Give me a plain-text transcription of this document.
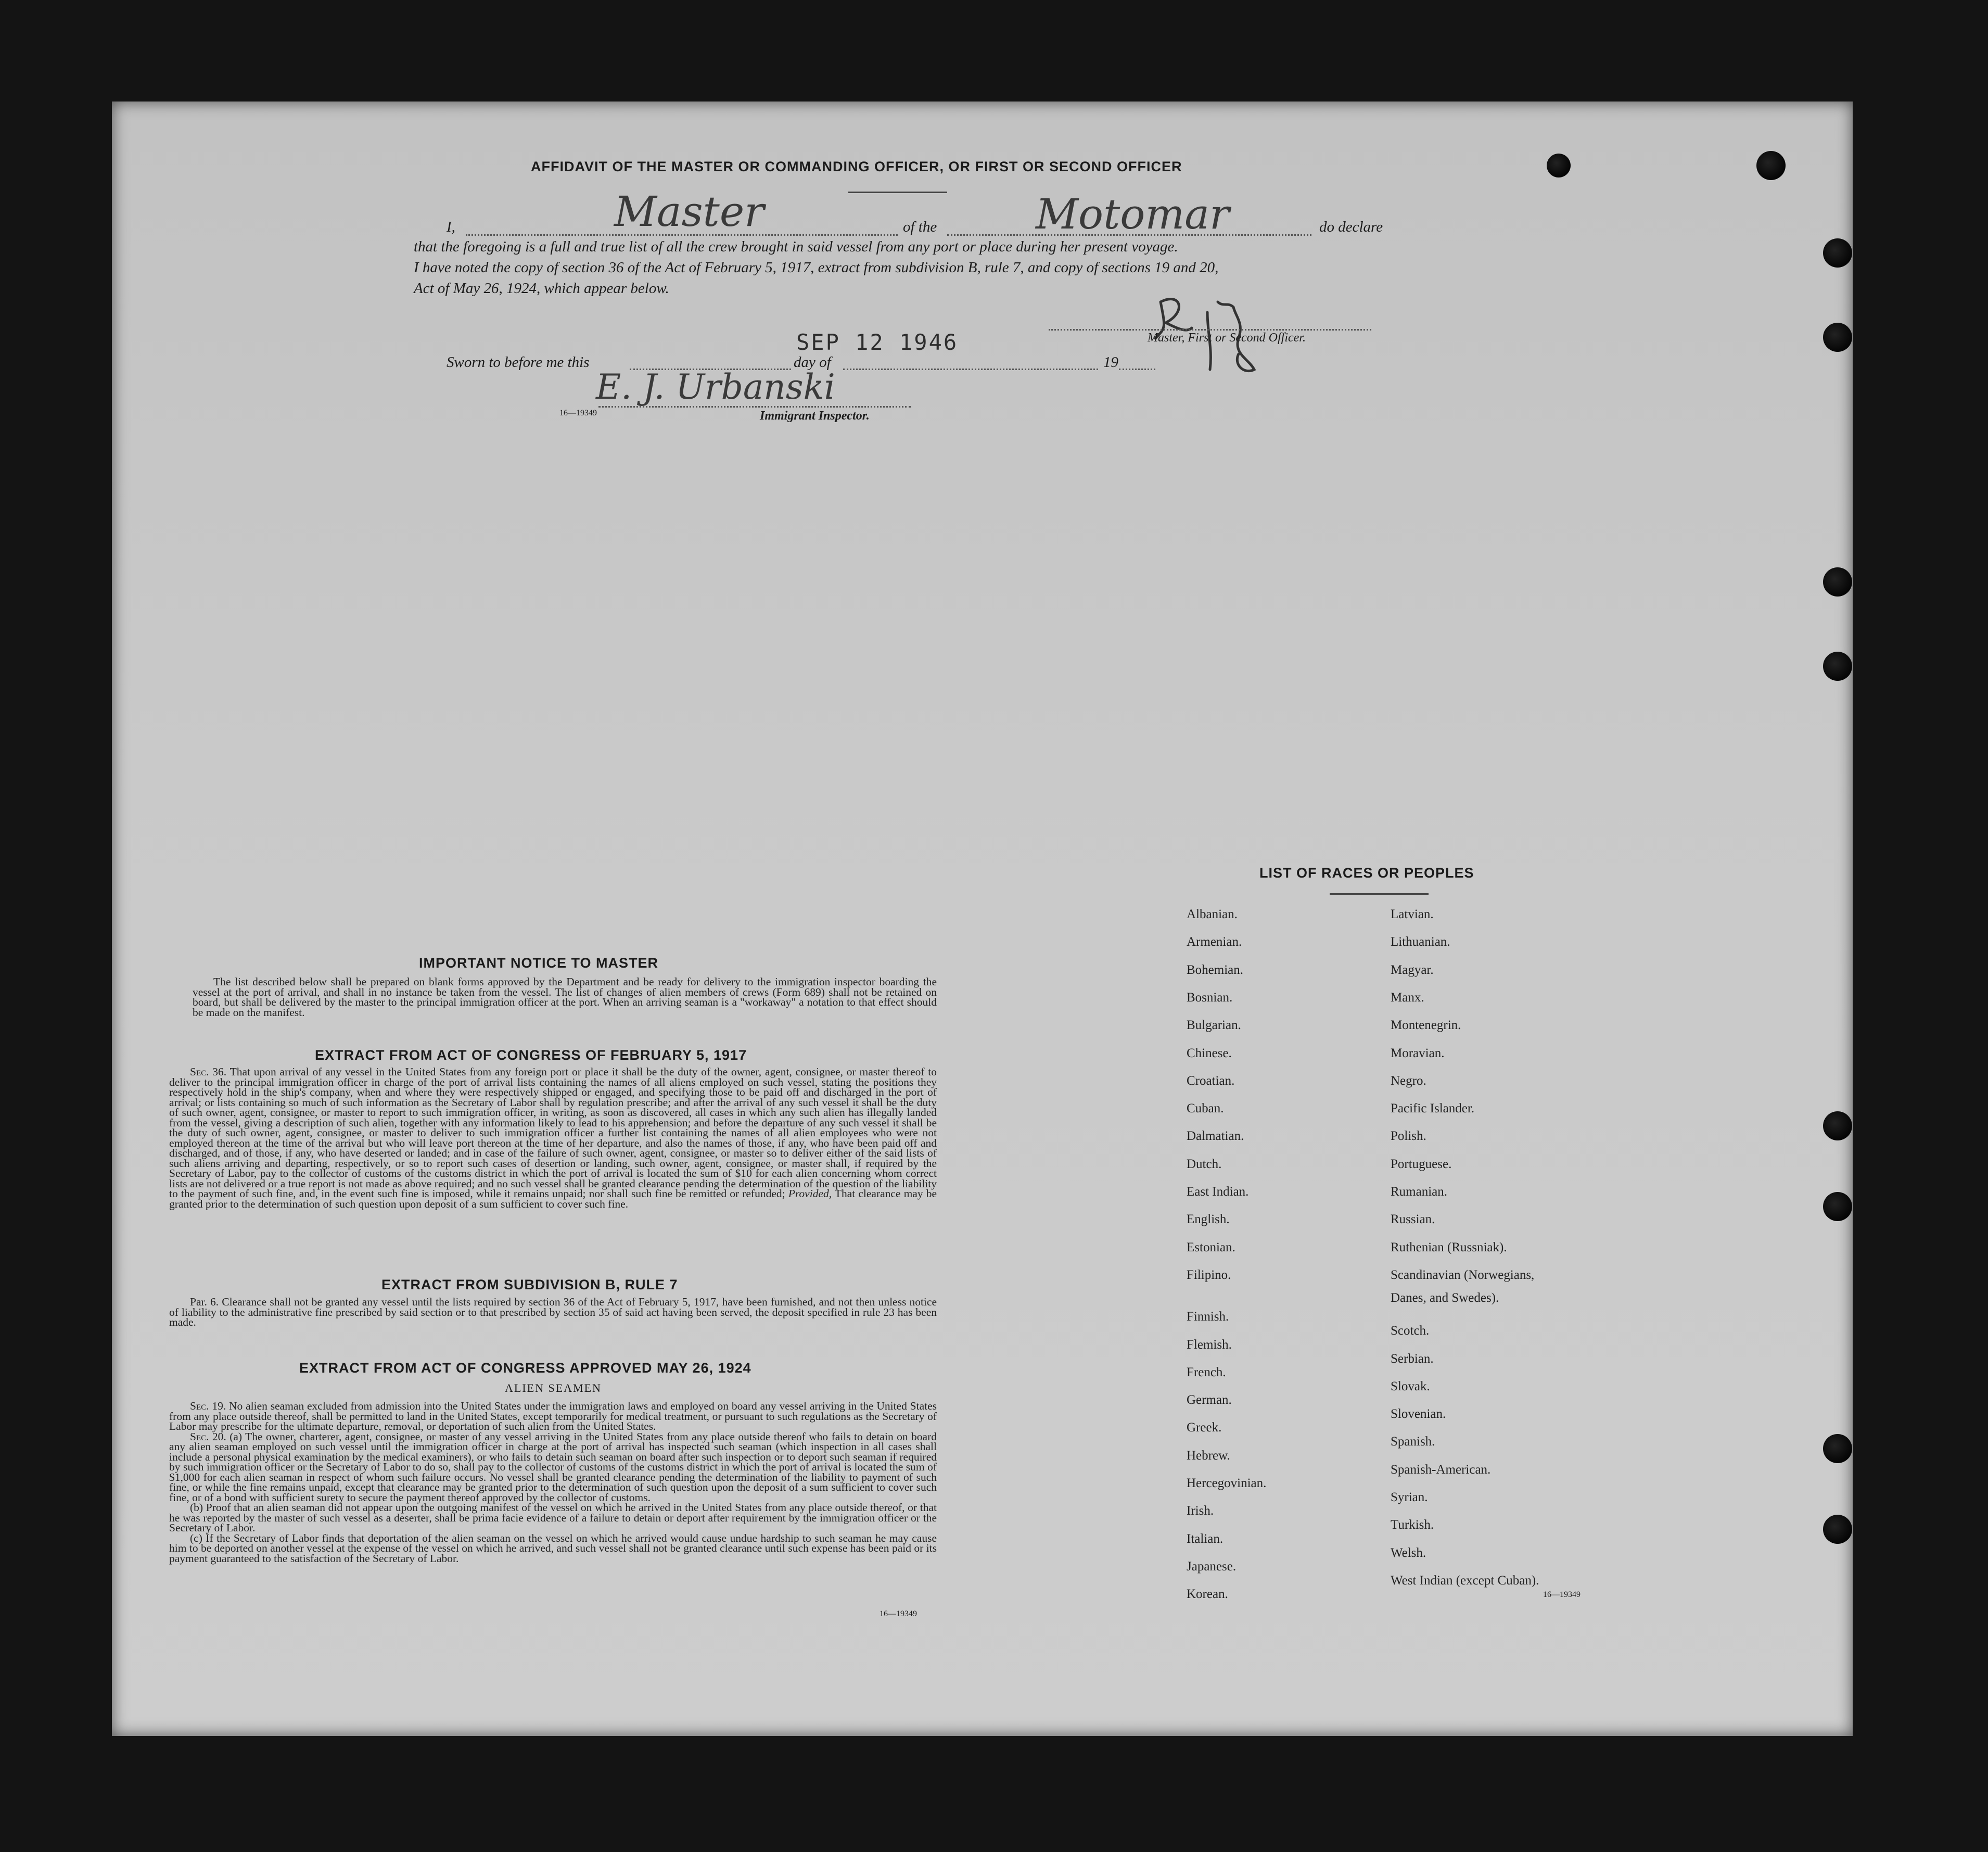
AFFIDAVIT OF THE MASTER OR COMMANDING OFFICER, OR FIRST OR SECOND OFFICER
I,	Master	of the Motomar	do declare
that the foregoing is a full and true list of all the crew brought in said vessel from any port or place during her present voyage.
I have noted the copy of section 36 of the Act of February 5, 1917, extract from subdivision B, rule 7, and copy of sections 19 and 20,
Act of May 26, 1924, which appear below.
Master, First or Second Officer.
SEP 12 1946
Sworn to before me this	day of	19
E. J. Urbanski
16—19349	Immigrant Inspector.
IMPORTANT NOTICE TO MASTER

The list described below shall be prepared on blank forms approved by the Department and be ready for delivery to the immigration inspector boarding the vessel at the port of arrival, and shall in no instance be taken from the vessel. The list of changes of alien members of crews (Form 689) shall not be retained on board, but shall be delivered by the master to the principal immigration officer at the port. When an arriving seaman is a "workaway" a notation to that effect should be made on the manifest.

EXTRACT FROM ACT OF CONGRESS OF FEBRUARY 5, 1917

Sec. 36. That upon arrival of any vessel in the United States from any foreign port or place it shall be the duty of the owner, agent, consignee, or master thereof to deliver to the principal immigration officer in charge of the port of arrival lists containing the names of all aliens employed on such vessel, stating the positions they respectively hold in the ship's company, when and where they were respectively shipped or engaged, and specifying those to be paid off and discharged in the port of arrival; or lists containing so much of such information as the Secretary of Labor shall by regulation prescribe; and after the arrival of any such vessel it shall be the duty of such owner, agent, consignee, or master to report to such immigration officer, in writing, as soon as discovered, all cases in which any such alien has illegally landed from the vessel, giving a description of such alien, together with any information likely to lead to his apprehension; and before the departure of any such vessel it shall be the duty of such owner, agent, consignee, or master to deliver to such immigration officer a further list containing the names of all alien employees who were not employed thereon at the time of the arrival but who will leave port thereon at the time of her departure, and also the names of those, if any, who have been paid off and discharged, and of those, if any, who have deserted or landed; and in case of the failure of such owner, agent, consignee, or master so to deliver either of the said lists of such aliens arriving and departing, respectively, or so to report such cases of desertion or landing, such owner, agent, consignee, or master shall, if required by the Secretary of Labor, pay to the collector of customs of the customs district in which the port of arrival is located the sum of $10 for each alien concerning whom correct lists are not delivered or a true report is not made as above required; and no such vessel shall be granted clearance pending the determination of the question of the liability to the payment of such fine, and, in the event such fine is imposed, while it remains unpaid; nor shall such fine be remitted or refunded; Provided, That clearance may be granted prior to the determination of such question upon deposit of a sum sufficient to cover such fine.

EXTRACT FROM SUBDIVISION B, RULE 7

Par. 6. Clearance shall not be granted any vessel until the lists required by section 36 of the Act of February 5, 1917, have been furnished, and not then unless notice of liability to the administrative fine prescribed by said section or to that prescribed by section 35 of said act having been served, the deposit specified in rule 23 has been made.

EXTRACT FROM ACT OF CONGRESS APPROVED MAY 26, 1924
ALIEN SEAMEN

Sec. 19. No alien seaman excluded from admission into the United States under the immigration laws and employed on board any vessel arriving in the United States from any place outside thereof, shall be permitted to land in the United States, except temporarily for medical treatment, or pursuant to such regulations as the Secretary of Labor may prescribe for the ultimate departure, removal, or deportation of such alien from the United States.

Sec. 20. (a) The owner, charterer, agent, consignee, or master of any vessel arriving in the United States from any place outside thereof who fails to detain on board any alien seaman employed on such vessel until the immigration officer in charge at the port of arrival has inspected such seaman (which inspection in all cases shall include a personal physical examination by the medical examiners), or who fails to detain such seaman on board after such inspection or to deport such seaman if required by such immigration officer or the Secretary of Labor to do so, shall pay to the collector of customs of the customs district in which the port of arrival is located the sum of $1,000 for each alien seaman in respect of whom such failure occurs. No vessel shall be granted clearance pending the determination of the liability to payment of such fine, or while the fine remains unpaid, except that clearance may be granted prior to the determination of such question upon the deposit of a sum sufficient to cover such fine, or of a bond with sufficient surety to secure the payment thereof approved by the collector of customs.

(b) Proof that an alien seaman did not appear upon the outgoing manifest of the vessel on which he arrived in the United States from any place outside thereof, or that he was reported by the master of such vessel as a deserter, shall be prima facie evidence of a failure to detain or deport after requirement by the immigration officer or the Secretary of Labor.

(c) If the Secretary of Labor finds that deportation of the alien seaman on the vessel on which he arrived would cause undue hardship to such seaman he may cause him to be deported on another vessel at the expense of the vessel on which he arrived, and such vessel shall not be granted clearance until such expense has been paid or its payment guaranteed to the satisfaction of the Secretary of Labor.

16—19349
LIST OF RACES OR PEOPLES
Albanian.
Armenian.
Bohemian.
Bosnian.
Bulgarian.
Chinese.
Croatian.
Cuban.
Dalmatian.
Dutch.
East Indian.
English.
Estonian.
Filipino.
Finnish.
Flemish.
French.
German.
Greek.
Hebrew.
Hercegovinian.
Irish.
Italian.
Japanese.
Korean.
Latvian.
Lithuanian.
Magyar.
Manx.
Montenegrin.
Moravian.
Negro.
Pacific Islander.
Polish.
Portuguese.
Rumanian.
Russian.
Ruthenian (Russniak).
Scandinavian (Norwegians,
Scotch.
Serbian.
Slovak.
Slovenian.
Spanish.
Spanish-American.
Syrian.
Turkish.
Welsh.
West Indian (except Cuban).
Danes, and Swedes).
16—19349
